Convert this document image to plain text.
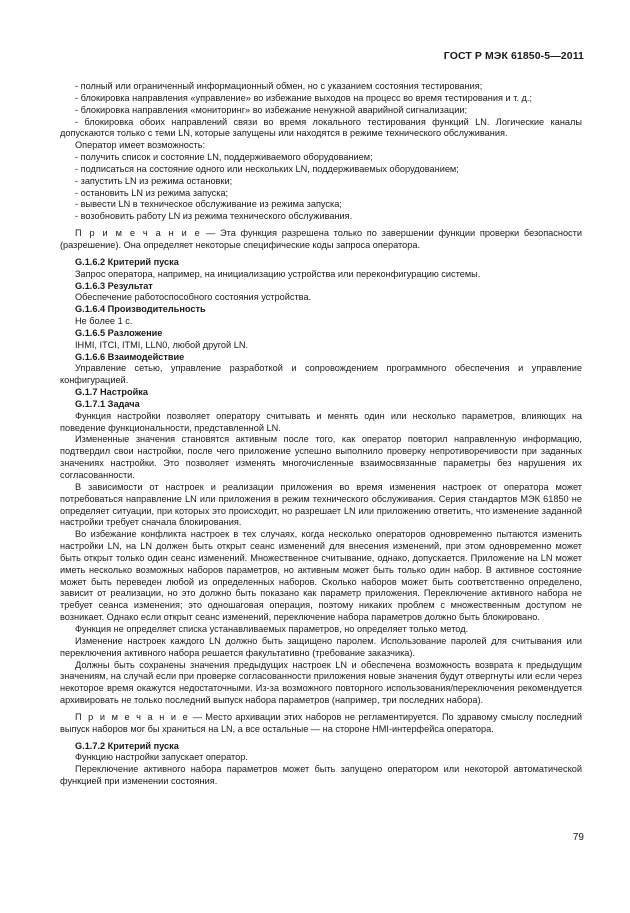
ГОСТ Р МЭК 61850-5—2011

- полный или ограниченный информационный обмен, но с указанием состояния тестирования;

- блокировка направления «управление» во избежание выходов на процесс во время тестирования и т. д.;

- блокировка направления «мониторинг» во избежание ненужной аварийной сигнализации;

- блокировка обоих направлений связи во время локального тестирования функций LN. Логические каналы допускаются только с теми LN, которые запущены или находятся в режиме технического обслуживания.

Оператор имеет возможность:

- получить список и состояние LN, поддерживаемого оборудованием;

- подписаться на состояние одного или нескольких LN, поддерживаемых оборудованием;

- запустить LN из режима остановки;

- остановить LN из режима запуска;

- вывести LN в техническое обслуживание из режима запуска;

- возобновить работу LN из режима технического обслуживания.

П р и м е ч а н и е — Эта функция разрешена только по завершении функции проверки безопасности (разрешение). Она определяет некоторые специфические коды запроса оператора.

G.1.6.2 Критерий пуска

Запрос оператора, например, на инициализацию устройства или переконфигурацию системы.

G.1.6.3 Результат

Обеспечение работоспособного состояния устройства.

G.1.6.4 Производительность

Не более 1 с.

G.1.6.5 Разложение

IHMI, ITCI, ITMI, LLN0, любой другой LN.

G.1.6.6 Взаимодействие

Управление сетью, управление разработкой и сопровождением программного обеспечения и управление конфигурацией.

G.1.7 Настройка

G.1.7.1 Задача

Функция настройки позволяет оператору считывать и менять один или несколько параметров, влияющих на поведение функциональности, представленной LN.

Измененные значения становятся активным после того, как оператор повторил направленную информацию, подтвердил свои настройки, после чего приложение успешно выполнило проверку непротиворечивости при заданных значениях настройки. Это позволяет изменять многочисленные взаимосвязанные параметры без нарушения их согласованности.

В зависимости от настроек и реализации приложения во время изменения настроек от оператора может потребоваться направление LN или приложения в режим технического обслуживания. Серия стандартов МЭК 61850 не определяет ситуации, при которых это происходит, но разрешает LN или приложению ответить, что изменение заданной настройки требует сначала блокирования.

Во избежание конфликта настроек в тех случаях, когда несколько операторов одновременно пытаются изменить настройки LN, на LN должен быть открыт сеанс изменений для внесения изменений, при этом одновременно может быть открыт только один сеанс изменений. Множественное считывание, однако, допускается. Приложение на LN может иметь несколько возможных наборов параметров, но активным может быть только один набор. В активное состояние может быть переведен любой из определенных наборов. Сколько наборов может быть соответственно определено, зависит от реализации, но это должно быть показано как параметр приложения. Переключение активного набора не требует сеанса изменения; это одношаговая операция, поэтому никаких проблем с множественным доступом не возникает. Однако если открыт сеанс изменений, переключение набора параметров должно быть блокировано.

Функция не определяет списка устанавливаемых параметров, но определяет только метод.

Изменение настроек каждого LN должно быть защищено паролем. Использование паролей для считывания или переключения активного набора решается факультативно (требование заказчика).

Должны быть сохранены значения предыдущих настроек LN и обеспечена возможность возврата к предыдущим значениям, на случай если при проверке согласованности приложения новые значения будут отвергнуты или если через некоторое время окажутся недостаточными. Из-за возможного повторного использования/переключения рекомендуется архивировать не только последний выпуск набора параметров (например, три последних набора).

П р и м е ч а н и е — Место архивации этих наборов не регламентируется. По здравому смыслу последний выпуск наборов мог бы храниться на LN, а все остальные — на стороне HMI-интерфейса оператора.

G.1.7.2 Критерий пуска

Функцию настройки запускает оператор.

Переключение активного набора параметров может быть запущено оператором или некоторой автоматической функцией при изменении состояния.

79
